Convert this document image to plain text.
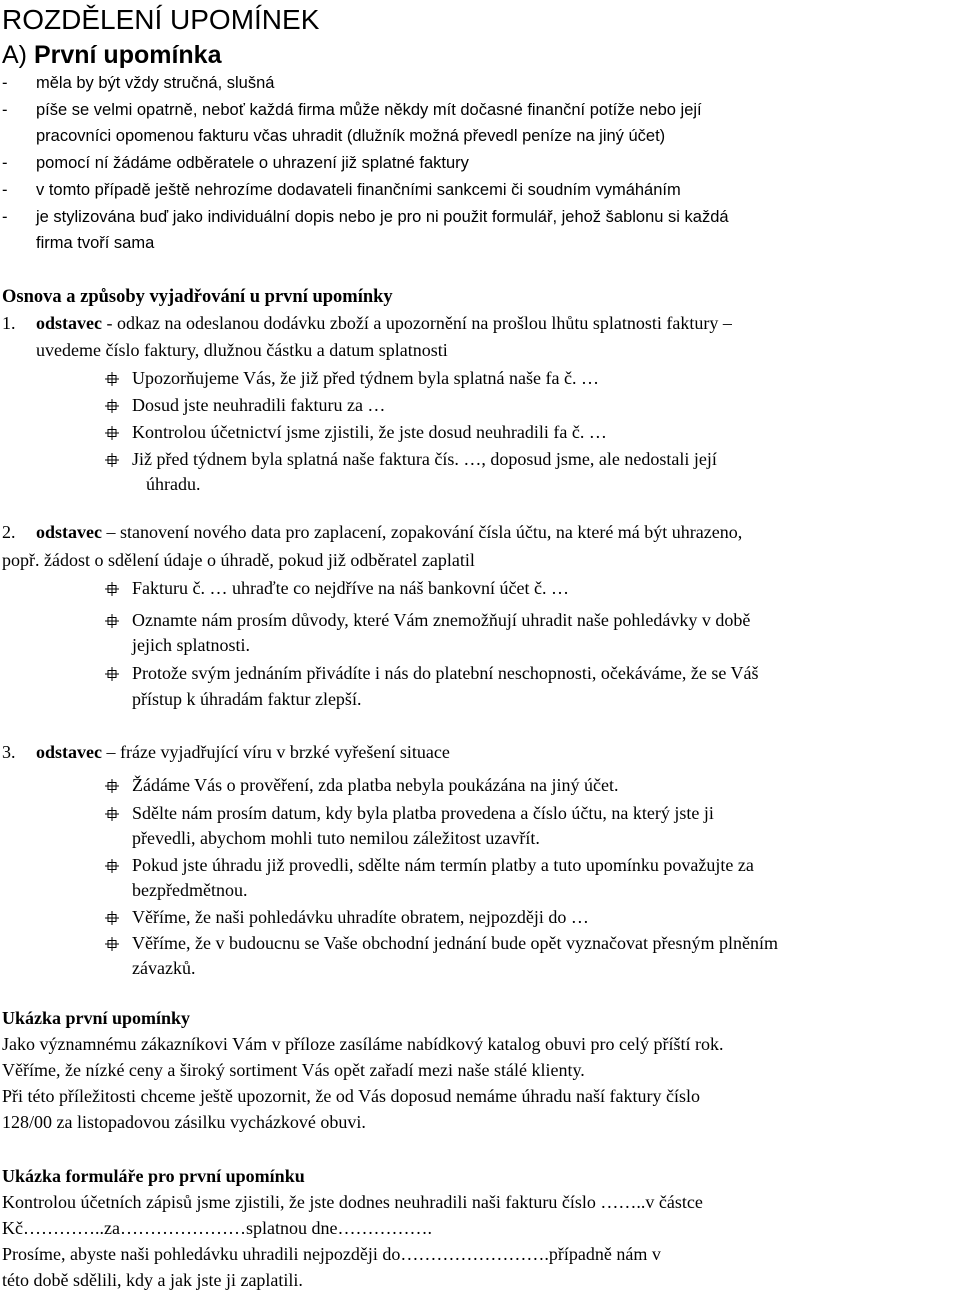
ROZDĚLENÍ UPOMÍNEK
A) První upomínka
- měla by být vždy stručná, slušná
- píše se velmi opatrně, neboť každá firma může někdy mít dočasné finanční potíže nebo její
pracovníci opomenou fakturu včas uhradit (dlužník možná převedl peníze na jiný účet)
- pomocí ní žádáme odběratele o uhrazení již splatné faktury
- v tomto případě ještě nehrozíme dodavateli finančními sankcemi či soudním vymáháním
- je stylizována buď jako individuální dopis nebo je pro ni použit formulář, jehož šablonu si každá
firma tvoří sama
Osnova a způsoby vyjadřování u první upomínky
1. odstavec - odkaz na odeslanou dodávku zboží a upozornění na prošlou lhůtu splatnosti faktury –
uvedeme číslo faktury, dlužnou částku a datum splatnosti
Upozorňujeme Vás, že již před týdnem byla splatná naše fa č. …
Dosud jste neuhradili fakturu za …
Kontrolou účetnictví jsme zjistili, že jste dosud neuhradili fa č. …
Již před týdnem byla splatná naše faktura čís. …, doposud jsme, ale nedostali její
úhradu.
2. odstavec – stanovení nového data pro zaplacení, zopakování čísla účtu, na které má být uhrazeno,
popř. žádost o sdělení údaje o úhradě, pokud již odběratel zaplatil
Fakturu č. … uhraďte co nejdříve na náš bankovní účet č. …
Oznamte nám prosím důvody, které Vám znemožňují uhradit naše pohledávky v době
jejich splatnosti.
Protože svým jednáním přivádíte i nás do platební neschopnosti, očekáváme, že se Váš
přístup k úhradám faktur zlepší.
3. odstavec – fráze vyjadřující víru v brzké vyřešení situace
Žádáme Vás o prověření, zda platba nebyla poukázána na jiný účet.
Sdělte nám prosím datum, kdy byla platba provedena a číslo účtu, na který jste ji
převedli, abychom mohli tuto nemilou záležitost uzavřít.
Pokud jste úhradu již provedli, sdělte nám termín platby a tuto upomínku považujte za
bezpředmětnou.
Věříme, že naši pohledávku uhradíte obratem, nejpozději do …
Věříme, že v budoucnu se Vaše obchodní jednání bude opět vyznačovat přesným plněním
závazků.
Ukázka první upomínky
Jako významnému zákazníkovi Vám v příloze zasíláme nabídkový katalog obuvi pro celý příští rok.
Věříme, že nízké ceny a široký sortiment Vás opět zařadí mezi naše stálé klienty.
Při této příležitosti chceme ještě upozornit, že od Vás doposud nemáme úhradu naší faktury číslo
128/00 za listopadovou zásilku vycházkové obuvi.
Ukázka formuláře pro první upomínku
Kontrolou účetních zápisů jsme zjistili, že jste dodnes neuhradili naši fakturu číslo ……..v částce
Kč…………..za…………………splatnou dne…………….
Prosíme, abyste naši pohledávku uhradili nejpozději do…………………….případně nám v
této době sdělili, kdy a jak jste ji zaplatili.
